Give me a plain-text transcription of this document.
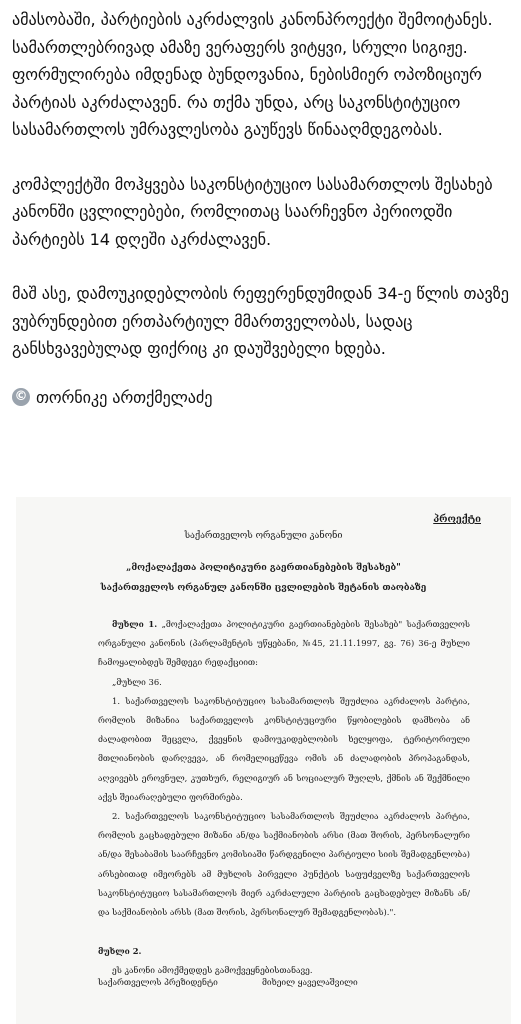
ამასობაში, პარტიების აკრძალვის კანონპროექტი შემოიტანეს. სამართლებრივად ამაზე ვერაფერს ვიტყვი, სრული სიგიჟე. ფორმულირება იმდენად ბუნდოვანია, ნებისმიერ ოპოზიციურ პარტიას აკრძალავენ. რა თქმა უნდა, არც საკონსტიტუციო სასამართლოს უმრავლესობა გაუწევს წინააღმდეგობას.

კომპლექტში მოჰყვება საკონსტიტუციო სასამართლოს შესახებ კანონში ცვლილებები, რომლითაც საარჩევნო პერიოდში პარტიებს 14 დღეში აკრძალავენ.

მაშ ასე, დამოუკიდებლობის რეფერენდუმიდან 34-ე წლის თავზე ვუბრუნდებით ერთპარტიულ მმართველობას, სადაც განსხვავებულად ფიქრიც კი დაუშვებელი ხდება.

© თორნიკე ართქმელაძე
პროექტი
საქართველოს ორგანული კანონი
„მოქალაქეთა პოლიტიკური გაერთიანებების შესახებ"
საქართველოს ორგანულ კანონში ცვლილების შეტანის თაობაზე

მუხლი 1. „მოქალაქეთა პოლიტიკური გაერთიანებების შესახებ" საქართველოს ორგანული კანონის (პარლამენტის უწყებანი, №45, 21.11.1997, გვ. 76) 36-ე მუხლი ჩამოყალიბდეს შემდეგი რედაქციით:

„მუხლი 36.

1. საქართველოს საკონსტიტუციო სასამართლოს შეუძლია აკრძალოს პარტია, რომლის მიზანია საქართველოს კონსტიტუციური წყობილების დამხობა ან ძალადობით შეცვლა, ქვეყნის დამოუკიდებლობის ხელყოფა, ტერიტორიული მთლიანობის დარღვევა, ან რომელიცეწევა ომის ან ძალადობის პროპაგანდას, აღვივებს ეროვნულ, კუთხურ, რელიგიურ ან სოციალურ შუღლს, ქმნის ან შექმნილი აქვს შეიარაღებული ფორმირება.

2. საქართველოს საკონსტიტუციო სასამართლოს შეუძლია აკრძალოს პარტია, რომლის გაცხადებული მიზანი ან/და საქმიანობის არსი (მათ შორის, პერსონალური ან/და შესაბამის საარჩევნო კომისიაში წარდგენილი პარტიული სიის შემადგენლობა) არსებითად იმეორებს ამ მუხლის პირველი პუნქტის საფუძველზე საქართველოს საკონსტიტუციო სასამართლოს მიერ აკრძალული პარტიის გაცხადებულ მიზანს ან/და საქმიანობის არსს (მათ შორის, პერსონალურ შემადგენლობას).".

მუხლი 2.

ეს კანონი ამოქმედდეს გამოქვეყნებისთანავე.

საქართველოს პრეზიდენტი	მიხეილ ყაველაშვილი
